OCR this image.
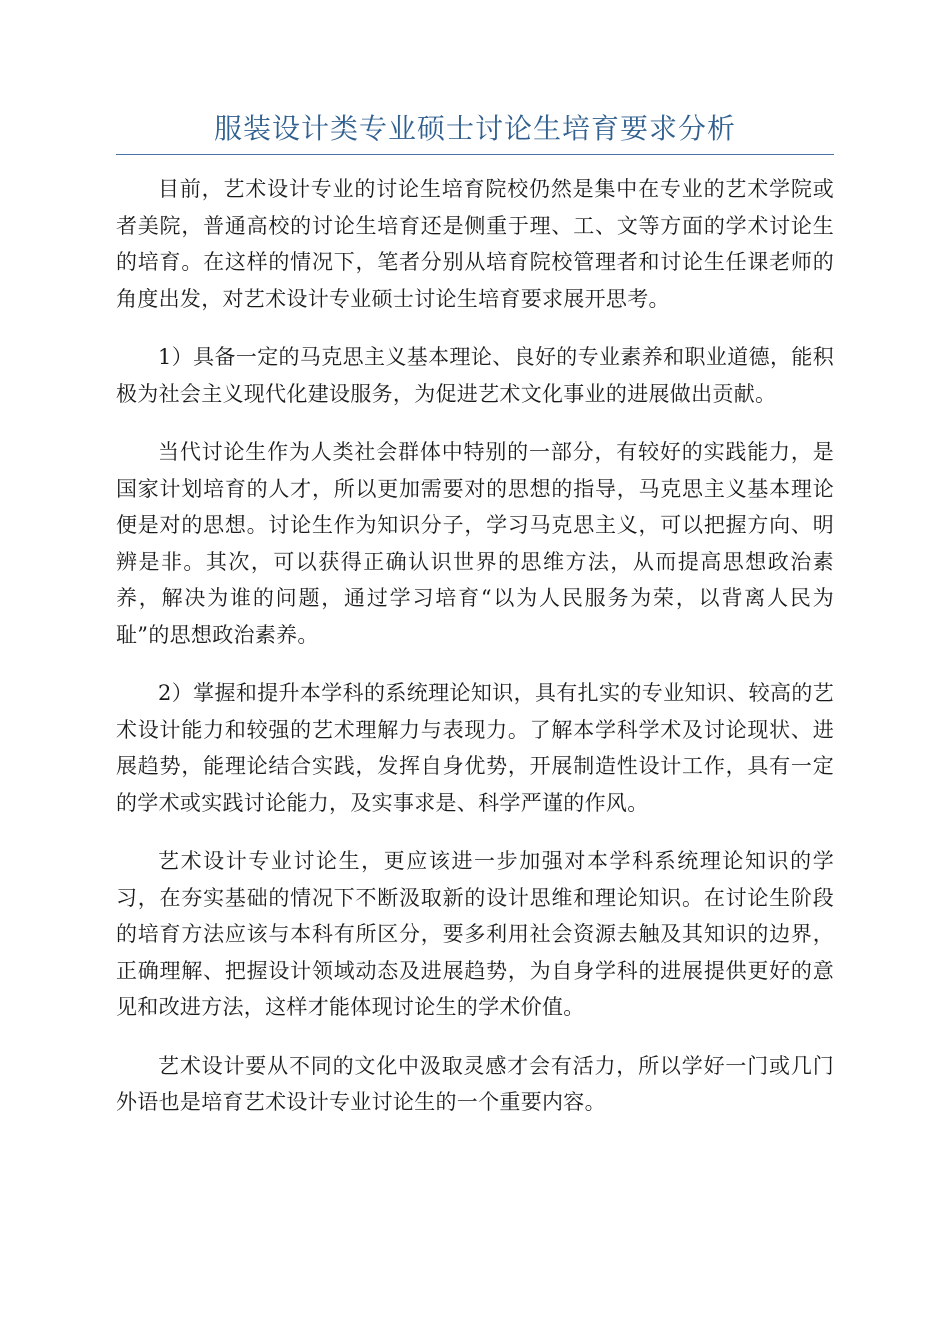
服装设计类专业硕士讨论生培育要求分析

目前，艺术设计专业的讨论生培育院校仍然是集中在专业的艺术学院或者美院，普通高校的讨论生培育还是侧重于理、工、文等方面的学术讨论生的培育。在这样的情况下，笔者分别从培育院校管理者和讨论生任课老师的角度出发，对艺术设计专业硕士讨论生培育要求展开思考。

1）具备一定的马克思主义基本理论、良好的专业素养和职业道德，能积极为社会主义现代化建设服务，为促进艺术文化事业的进展做出贡献。

当代讨论生作为人类社会群体中特别的一部分，有较好的实践能力，是国家计划培育的人才，所以更加需要对的思想的指导，马克思主义基本理论便是对的思想。讨论生作为知识分子，学习马克思主义，可以把握方向、明辨是非。其次，可以获得正确认识世界的思维方法，从而提高思想政治素养，解决为谁的问题，通过学习培育“以为人民服务为荣，以背离人民为耻”的思想政治素养。

2）掌握和提升本学科的系统理论知识，具有扎实的专业知识、较高的艺术设计能力和较强的艺术理解力与表现力。了解本学科学术及讨论现状、进展趋势，能理论结合实践，发挥自身优势，开展制造性设计工作，具有一定的学术或实践讨论能力，及实事求是、科学严谨的作风。

艺术设计专业讨论生，更应该进一步加强对本学科系统理论知识的学习，在夯实基础的情况下不断汲取新的设计思维和理论知识。在讨论生阶段的培育方法应该与本科有所区分，要多利用社会资源去触及其知识的边界，正确理解、把握设计领域动态及进展趋势，为自身学科的进展提供更好的意见和改进方法，这样才能体现讨论生的学术价值。

艺术设计要从不同的文化中汲取灵感才会有活力，所以学好一门或几门外语也是培育艺术设计专业讨论生的一个重要内容。
